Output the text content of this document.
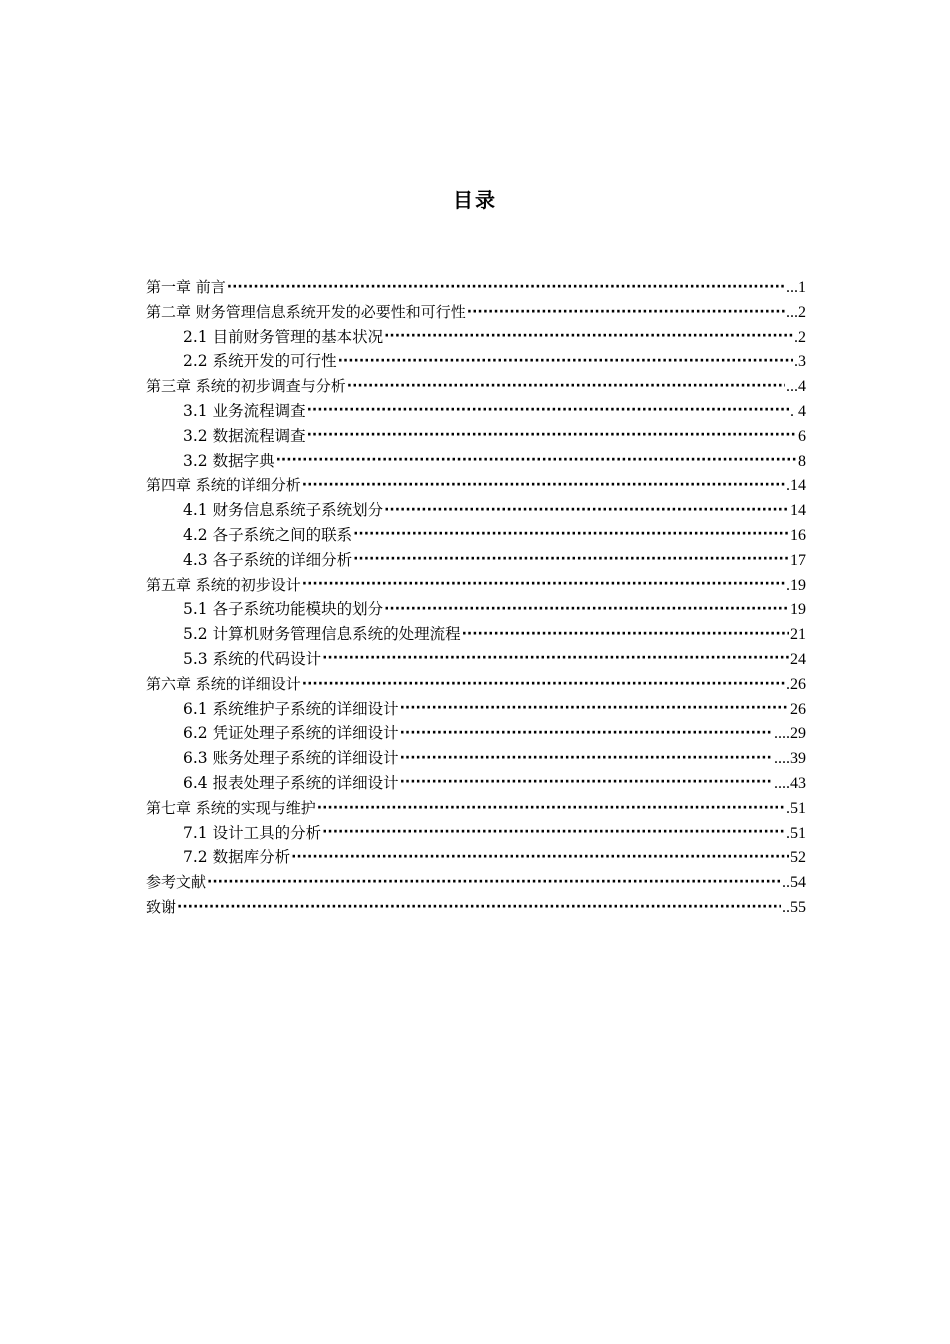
目录
第一章 前言 ·····	...1
第二章 财务管理信息系统开发的必要性和可行性 ·····	...2
2.1 目前财务管理的基本状况 ·····	.2
2.2 系统开发的可行性 ·····	.3
第三章 系统的初步调查与分析 ·····	...4
3.1 业务流程调查 ·····	. 4
3.2 数据流程调查 ·····	6
3.2 数据字典 ·····	8
第四章 系统的详细分析 ·····	.14
4.1 财务信息系统子系统划分 ·····	14
4.2 各子系统之间的联系 ·····	16
4.3 各子系统的详细分析 ·····	17
第五章 系统的初步设计 ·····	.19
5.1 各子系统功能模块的划分 ·····	19
5.2 计算机财务管理信息系统的处理流程 ·····	21
5.3 系统的代码设计 ·····	24
第六章 系统的详细设计 ·····	.26
6.1 系统维护子系统的详细设计 ·····	26
6.2 凭证处理子系统的详细设计 ·····	....29
6.3 账务处理子系统的详细设计 ·····	....39
6.4 报表处理子系统的详细设计 ·····	....43
第七章 系统的实现与维护 ·····	.51
7.1 设计工具的分析 ·····	.51
7.2 数据库分析 ·····	52
参考文献 ·····	..54
致谢 ·····	..55
